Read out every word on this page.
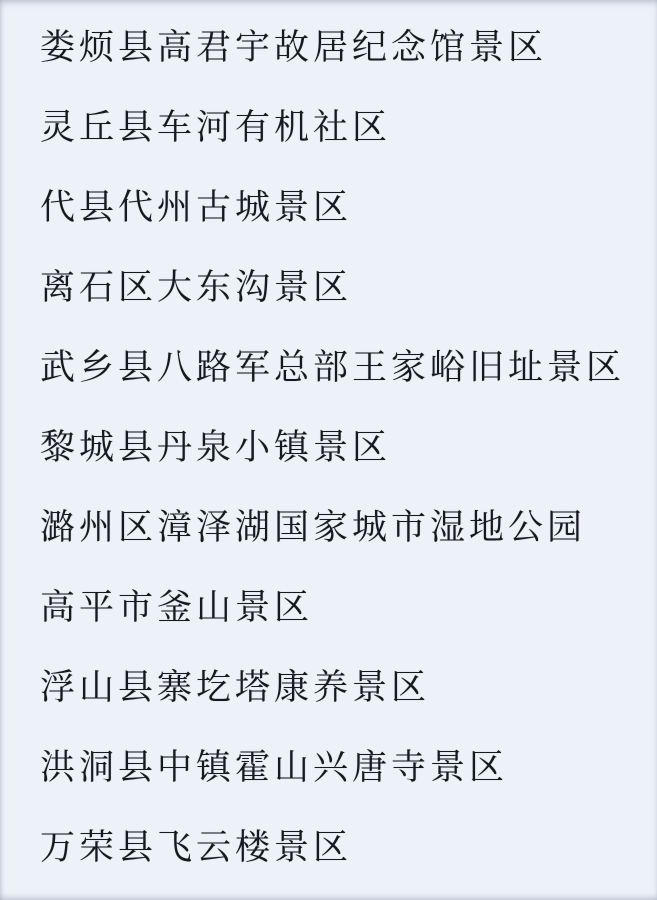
娄烦县高君宇故居纪念馆景区
灵丘县车河有机社区
代县代州古城景区
离石区大东沟景区
武乡县八路军总部王家峪旧址景区
黎城县丹泉小镇景区
潞州区漳泽湖国家城市湿地公园
高平市釜山景区
浮山县寨圪塔康养景区
洪洞县中镇霍山兴唐寺景区
万荣县飞云楼景区
